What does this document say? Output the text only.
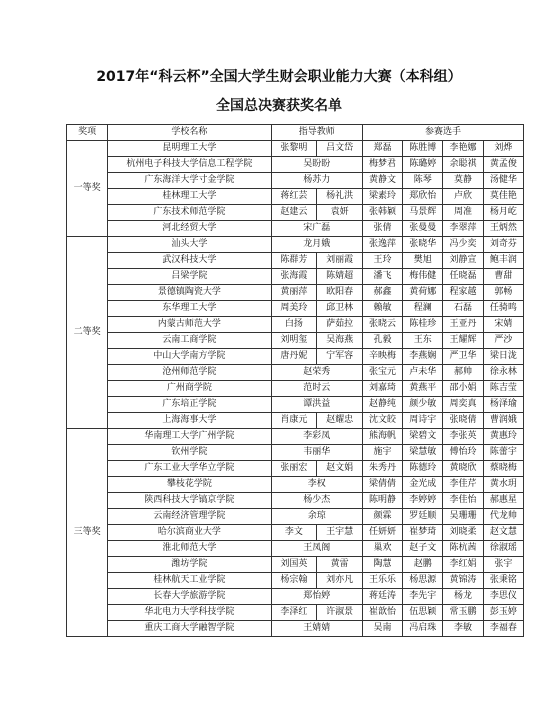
2017年“科云杯”全国大学生财会职业能力大赛（本科组）
全国总决赛获奖名单
奖项	学校名称	指导教师		参赛选手			
一等奖	昆明理工大学	张黎明	吕文岱	郑磊	陈胜博	李艳娜	刘烨
	杭州电子科技大学信息工程学院	吴盼盼		梅梦君	陈璐婷	余聪祺	黄孟俊
	广东海洋大学寸金学院	杨苏力		黄静文	陈琴	莫静	汤健华
	桂林理工大学	蒋红芸	杨礼洪	梁素玲	郑欣怡	卢欣	莫佳艳
	广东技术师范学院	赵建云	袁妍	张韩颖	马景辉	周准	杨月屹
	河北经贸大学	宋广磊		张倩	张曼曼	李翠萍	王炳然
二等奖	汕头大学	龙月娥		张逸萍	张晓华	冯少奕	刘奇芬
	武汉科技大学	陈群芳	刘丽霞	王玲	樊旭	刘静宣	鲍丰润
	吕梁学院	张海霞	陈婧超	潘飞	梅伟健	任晓磊	曹甜
	景德镇陶瓷大学	黄丽萍	欧阳春	郝鑫	黄荷娜	程家越	郭畅
	东华理工大学	周美玲	邱卫林	赖敏	程澜	石磊	任骑鸣
	内蒙古师范大学	白扬	萨茹拉	张晓云	陈桂珍	王亚丹	宋婧
	云南工商学院	刘明玺	吴海燕	孔毅	王东	王耀辉	严沙
	中山大学南方学院	唐丹妮	宁军容	辛映梅	李燕娴	严卫华	梁日泷
	沧州师范学院	赵荣秀		张宝元	卢未华	郝帅	徐永林
	广州商学院	范时云		刘嘉琦	黄燕平	邵小娟	陈吉莹
	广东培正学院	谭洪益		赵静纯	颜少敏	周奕真	杨泽瑜
	上海海事大学	肖康元	赵耀忠	沈文皎	周诗宇	张晓倩	曹润娥
三等奖	华南理工大学广州学院	李彩凤		熊海帆	梁碧文	李张英	黄惠玲
	钦州学院	韦丽华		施宇	梁慧敏	傅怡玲	陈蕾宇
	广东工业大学华立学院	张丽宏	赵文娟	朱秀丹	陈德玲	黄晓欣	蔡晓梅
	攀枝花学院	李权		梁倩倩	金光成	李佳芹	黄水玥
	陕西科技大学镐京学院	杨少杰		陈明静	李婷婷	李佳怡	郝惠星
	云南经济管理学院	余琼		颜霖	罗廷顺	吴珊珊	代龙帅
	哈尔滨商业大学	李文	王宇慧	任妍妍	崔梦琦	刘晓柔	赵文慧
	淮北师范大学	王凤阁		巢欢	赵子文	陈杭茜	徐淑瑶
	潍坊学院	刘国英	黄雷	陶慧	赵鹏	李红娟	张宇
	桂林航天工业学院	杨宗翰	刘亦凡	王乐乐	杨思源	黄锦涛	张秉铭
	长春大学旅游学院	郑怡婷		蒋廷涛	李先宇	杨龙	李思仪
	华北电力大学科技学院	李泽红	许淑景	崔歆怡	伍思颖	常玉鹏	彭玉婷
	重庆工商大学融智学院	王婧婧		吴南	冯启珠	李敏	李福春
